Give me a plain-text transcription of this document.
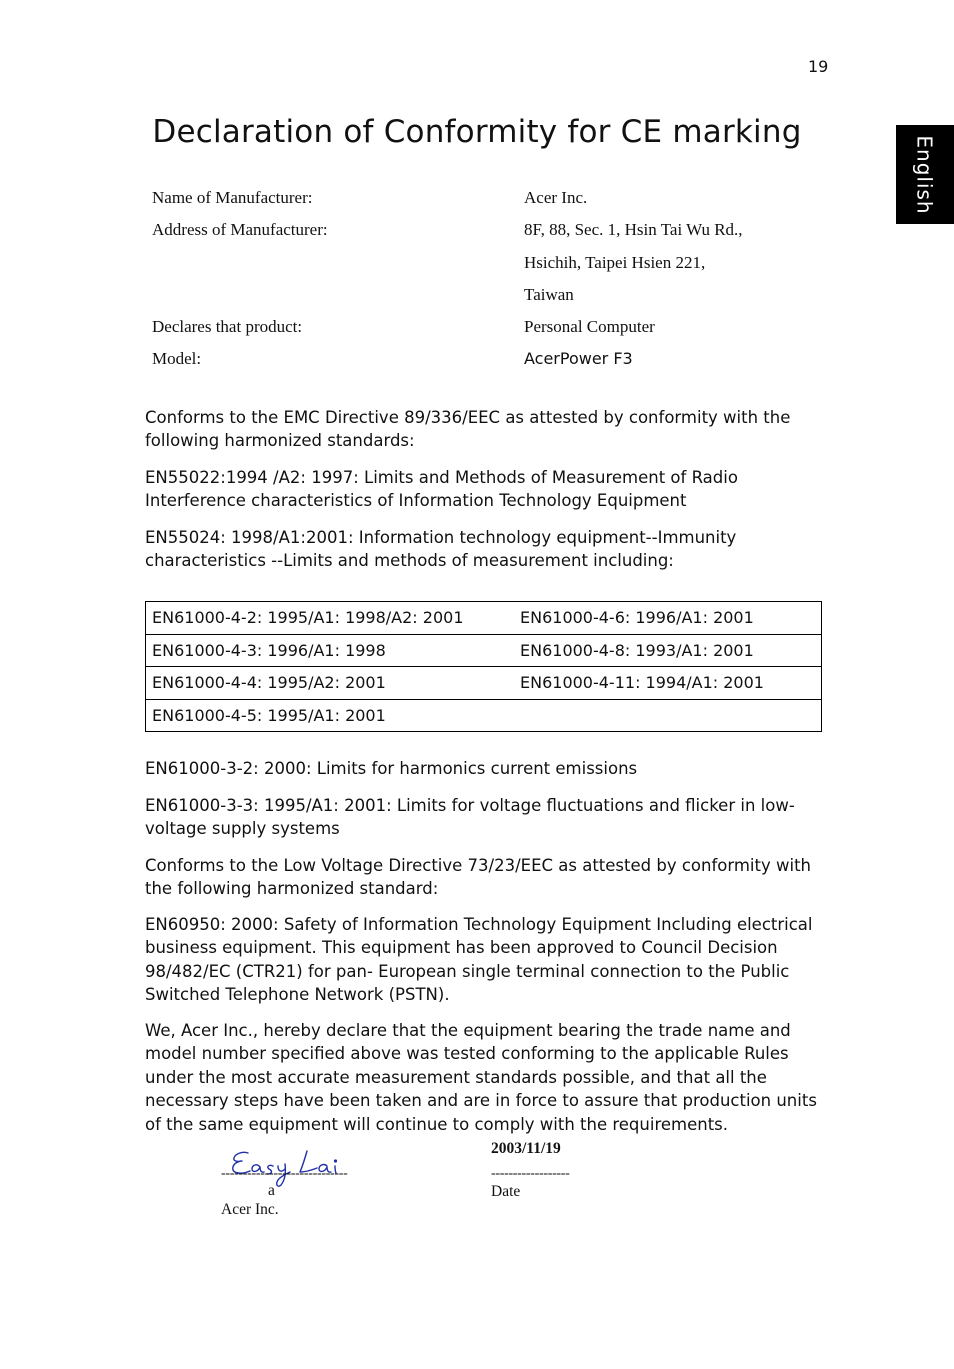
19
English
Declaration of Conformity for CE marking
Name of Manufacturer:	Acer Inc.
Address of Manufacturer:	8F, 88, Sec. 1, Hsin Tai Wu Rd.,
Hsichih, Taipei Hsien 221,
Taiwan
Declares that product:	Personal Computer
Model:	AcerPower F3

Conforms to the EMC Directive 89/336/EEC as attested by conformity with the following harmonized standards:

EN55022:1994 /A2: 1997: Limits and Methods of Measurement of Radio Interference characteristics of Information Technology Equipment

EN55024: 1998/A1:2001: Information technology equipment--Immunity characteristics --Limits and methods of measurement including:

EN61000-4-2: 1995/A1: 1998/A2: 2001	EN61000-4-6: 1996/A1: 2001
EN61000-4-3: 1996/A1: 1998	EN61000-4-8: 1993/A1: 2001
EN61000-4-4: 1995/A2: 2001	EN61000-4-11: 1994/A1: 2001
EN61000-4-5: 1995/A1: 2001	

EN61000-3-2: 2000: Limits for harmonics current emissions

EN61000-3-3: 1995/A1: 2001: Limits for voltage fluctuations and flicker in low-voltage supply systems

Conforms to the Low Voltage Directive 73/23/EEC as attested by conformity with the following harmonized standard:

EN60950: 2000: Safety of Information Technology Equipment Including electrical business equipment. This equipment has been approved to Council Decision 98/482/EC (CTR21) for pan- European single terminal connection to the Public Switched Telephone Network (PSTN).

We, Acer Inc., hereby declare that the equipment bearing the trade name and model number specified above was tested conforming to the applicable Rules under the most accurate measurement standards possible, and that all the necessary steps have been taken and are in force to assure that production units of the same equipment will continue to comply with the requirements.

-----------------------------
a
Acer Inc.
2003/11/19
------------------
Date
